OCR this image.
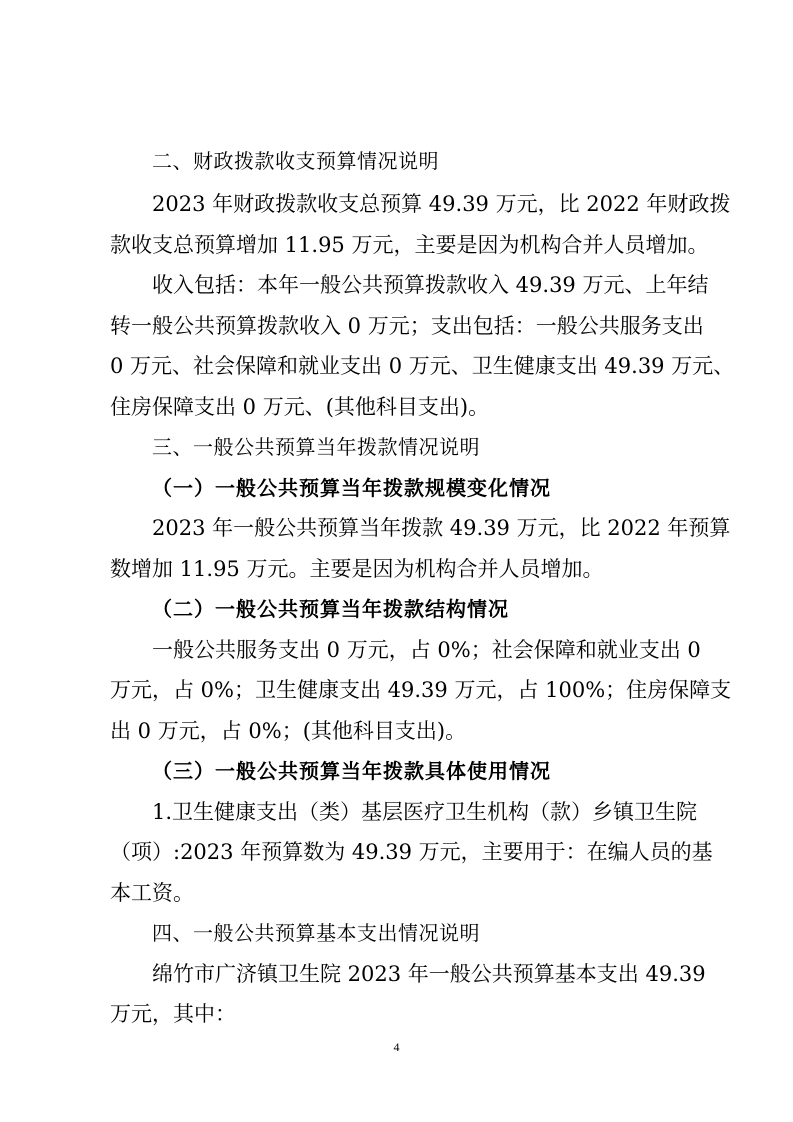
二、财政拨款收支预算情况说明
2023 年财政拨款收支总预算 49.39 万元，比 2022 年财政拨
款收支总预算增加 11.95 万元，主要是因为机构合并人员增加。
收入包括：本年一般公共预算拨款收入 49.39 万元、上年结
转一般公共预算拨款收入 0 万元；支出包括：一般公共服务支出
0 万元、社会保障和就业支出 0 万元、卫生健康支出 49.39 万元、
住房保障支出 0 万元、(其他科目支出)。
三、一般公共预算当年拨款情况说明
（一）一般公共预算当年拨款规模变化情况
2023 年一般公共预算当年拨款 49.39 万元，比 2022 年预算
数增加 11.95 万元。主要是因为机构合并人员增加。
（二）一般公共预算当年拨款结构情况
一般公共服务支出 0 万元，占 0%；社会保障和就业支出 0
万元，占 0%；卫生健康支出 49.39 万元，占 100%；住房保障支
出 0 万元，占 0%；(其他科目支出)。
（三）一般公共预算当年拨款具体使用情况
1.卫生健康支出（类）基层医疗卫生机构（款）乡镇卫生院
（项）:2023 年预算数为 49.39 万元，主要用于：在编人员的基
本工资。
四、一般公共预算基本支出情况说明
绵竹市广济镇卫生院 2023 年一般公共预算基本支出 49.39
万元，其中：
4
